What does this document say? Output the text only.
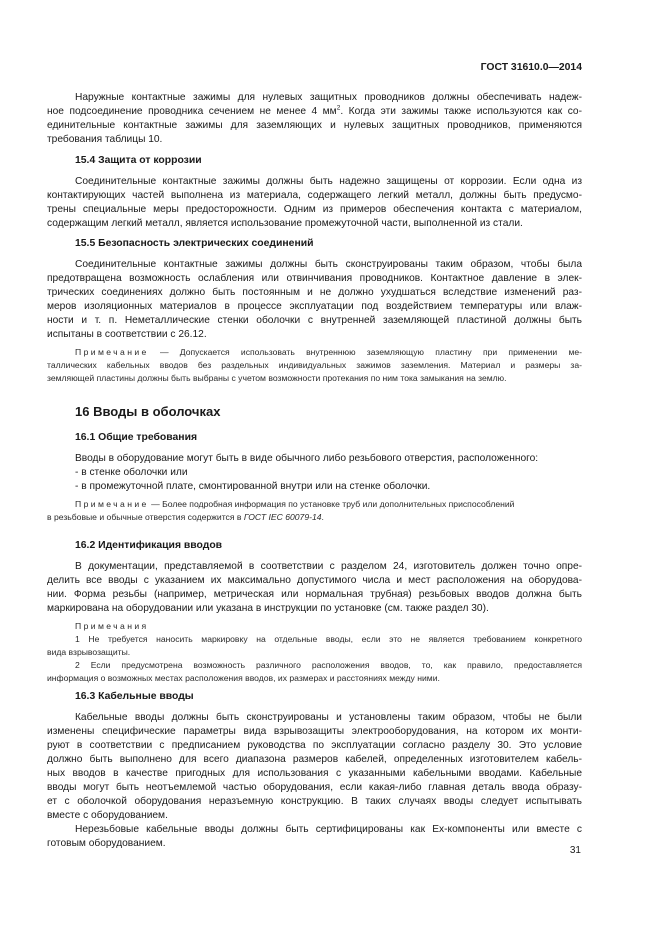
ГОСТ 31610.0—2014
Наружные контактные зажимы для нулевых защитных проводников должны обеспечивать надеж-
ное подсоединение проводника сечением не менее 4 $мм^2$. Когда эти зажимы также используются как со-
единительные контактные зажимы для заземляющих и нулевых защитных проводников, применяются
требования таблицы 10.
15.4 Защита от коррозии
Соединительные контактные зажимы должны быть надежно защищены от коррозии. Если одна из
контактирующих частей выполнена из материала, содержащего легкий металл, должны быть предусмо-
трены специальные меры предосторожности. Одним из примеров обеспечения контакта с материалом,
содержащим легкий металл, является использование промежуточной части, выполненной из стали.
15.5 Безопасность электрических соединений
Соединительные контактные зажимы должны быть сконструированы таким образом, чтобы была
предотвращена возможность ослабления или отвинчивания проводников. Контактное давление в элек-
трических соединениях должно быть постоянным и не должно ухудшаться вследствие изменений раз-
меров изоляционных материалов в процессе эксплуатации под воздействием температуры или влаж-
ности и т. п. Неметаллические стенки оболочки с внутренней заземляющей пластиной должны быть
испытаны в соответствии с 26.12.
Примечание — Допускается использовать внутреннюю заземляющую пластину при применении ме-
таллических кабельных вводов без раздельных индивидуальных зажимов заземления. Материал и размеры за-
земляющей пластины должны быть выбраны с учетом возможности протекания по ним тока замыкания на землю.
16 Вводы в оболочках
16.1 Общие требования
Вводы в оборудование могут быть в виде обычного либо резьбового отверстия, расположенного:
- в стенке оболочки или
- в промежуточной плате, смонтированной внутри или на стенке оболочки.
Примечание — Более подробная информация по установке труб или дополнительных приспособлений
в резьбовые и обычные отверстия содержится в ГОСТ IEC 60079-14.
16.2 Идентификация вводов
В документации, представляемой в соответствии с разделом 24, изготовитель должен точно опре-
делить все вводы с указанием их максимально допустимого числа и мест расположения на оборудова-
нии. Форма резьбы (например, метрическая или нормальная трубная) резьбовых вводов должна быть
маркирована на оборудовании или указана в инструкции по установке (см. также раздел 30).
Примечания
1 Не требуется наносить маркировку на отдельные вводы, если это не является требованием конкретного
вида взрывозащиты.
2 Если предусмотрена возможность различного расположения вводов, то, как правило, предоставляется
информация о возможных местах расположения вводов, их размерах и расстояниях между ними.
16.3 Кабельные вводы
Кабельные вводы должны быть сконструированы и установлены таким образом, чтобы не были
изменены специфические параметры вида взрывозащиты электрооборудования, на котором их монти-
руют в соответствии с предписанием руководства по эксплуатации согласно разделу 30. Это условие
должно быть выполнено для всего диапазона размеров кабелей, определенных изготовителем кабель-
ных вводов в качестве пригодных для использования с указанными кабельными вводами. Кабельные
вводы могут быть неотъемлемой частью оборудования, если какая-либо главная деталь ввода образу-
ет с оболочкой оборудования неразъемную конструкцию. В таких случаях вводы следует испытывать
вместе с оборудованием.
Нерезьбовые кабельные вводы должны быть сертифицированы как Ex-компоненты или вместе с
готовым оборудованием.
31
